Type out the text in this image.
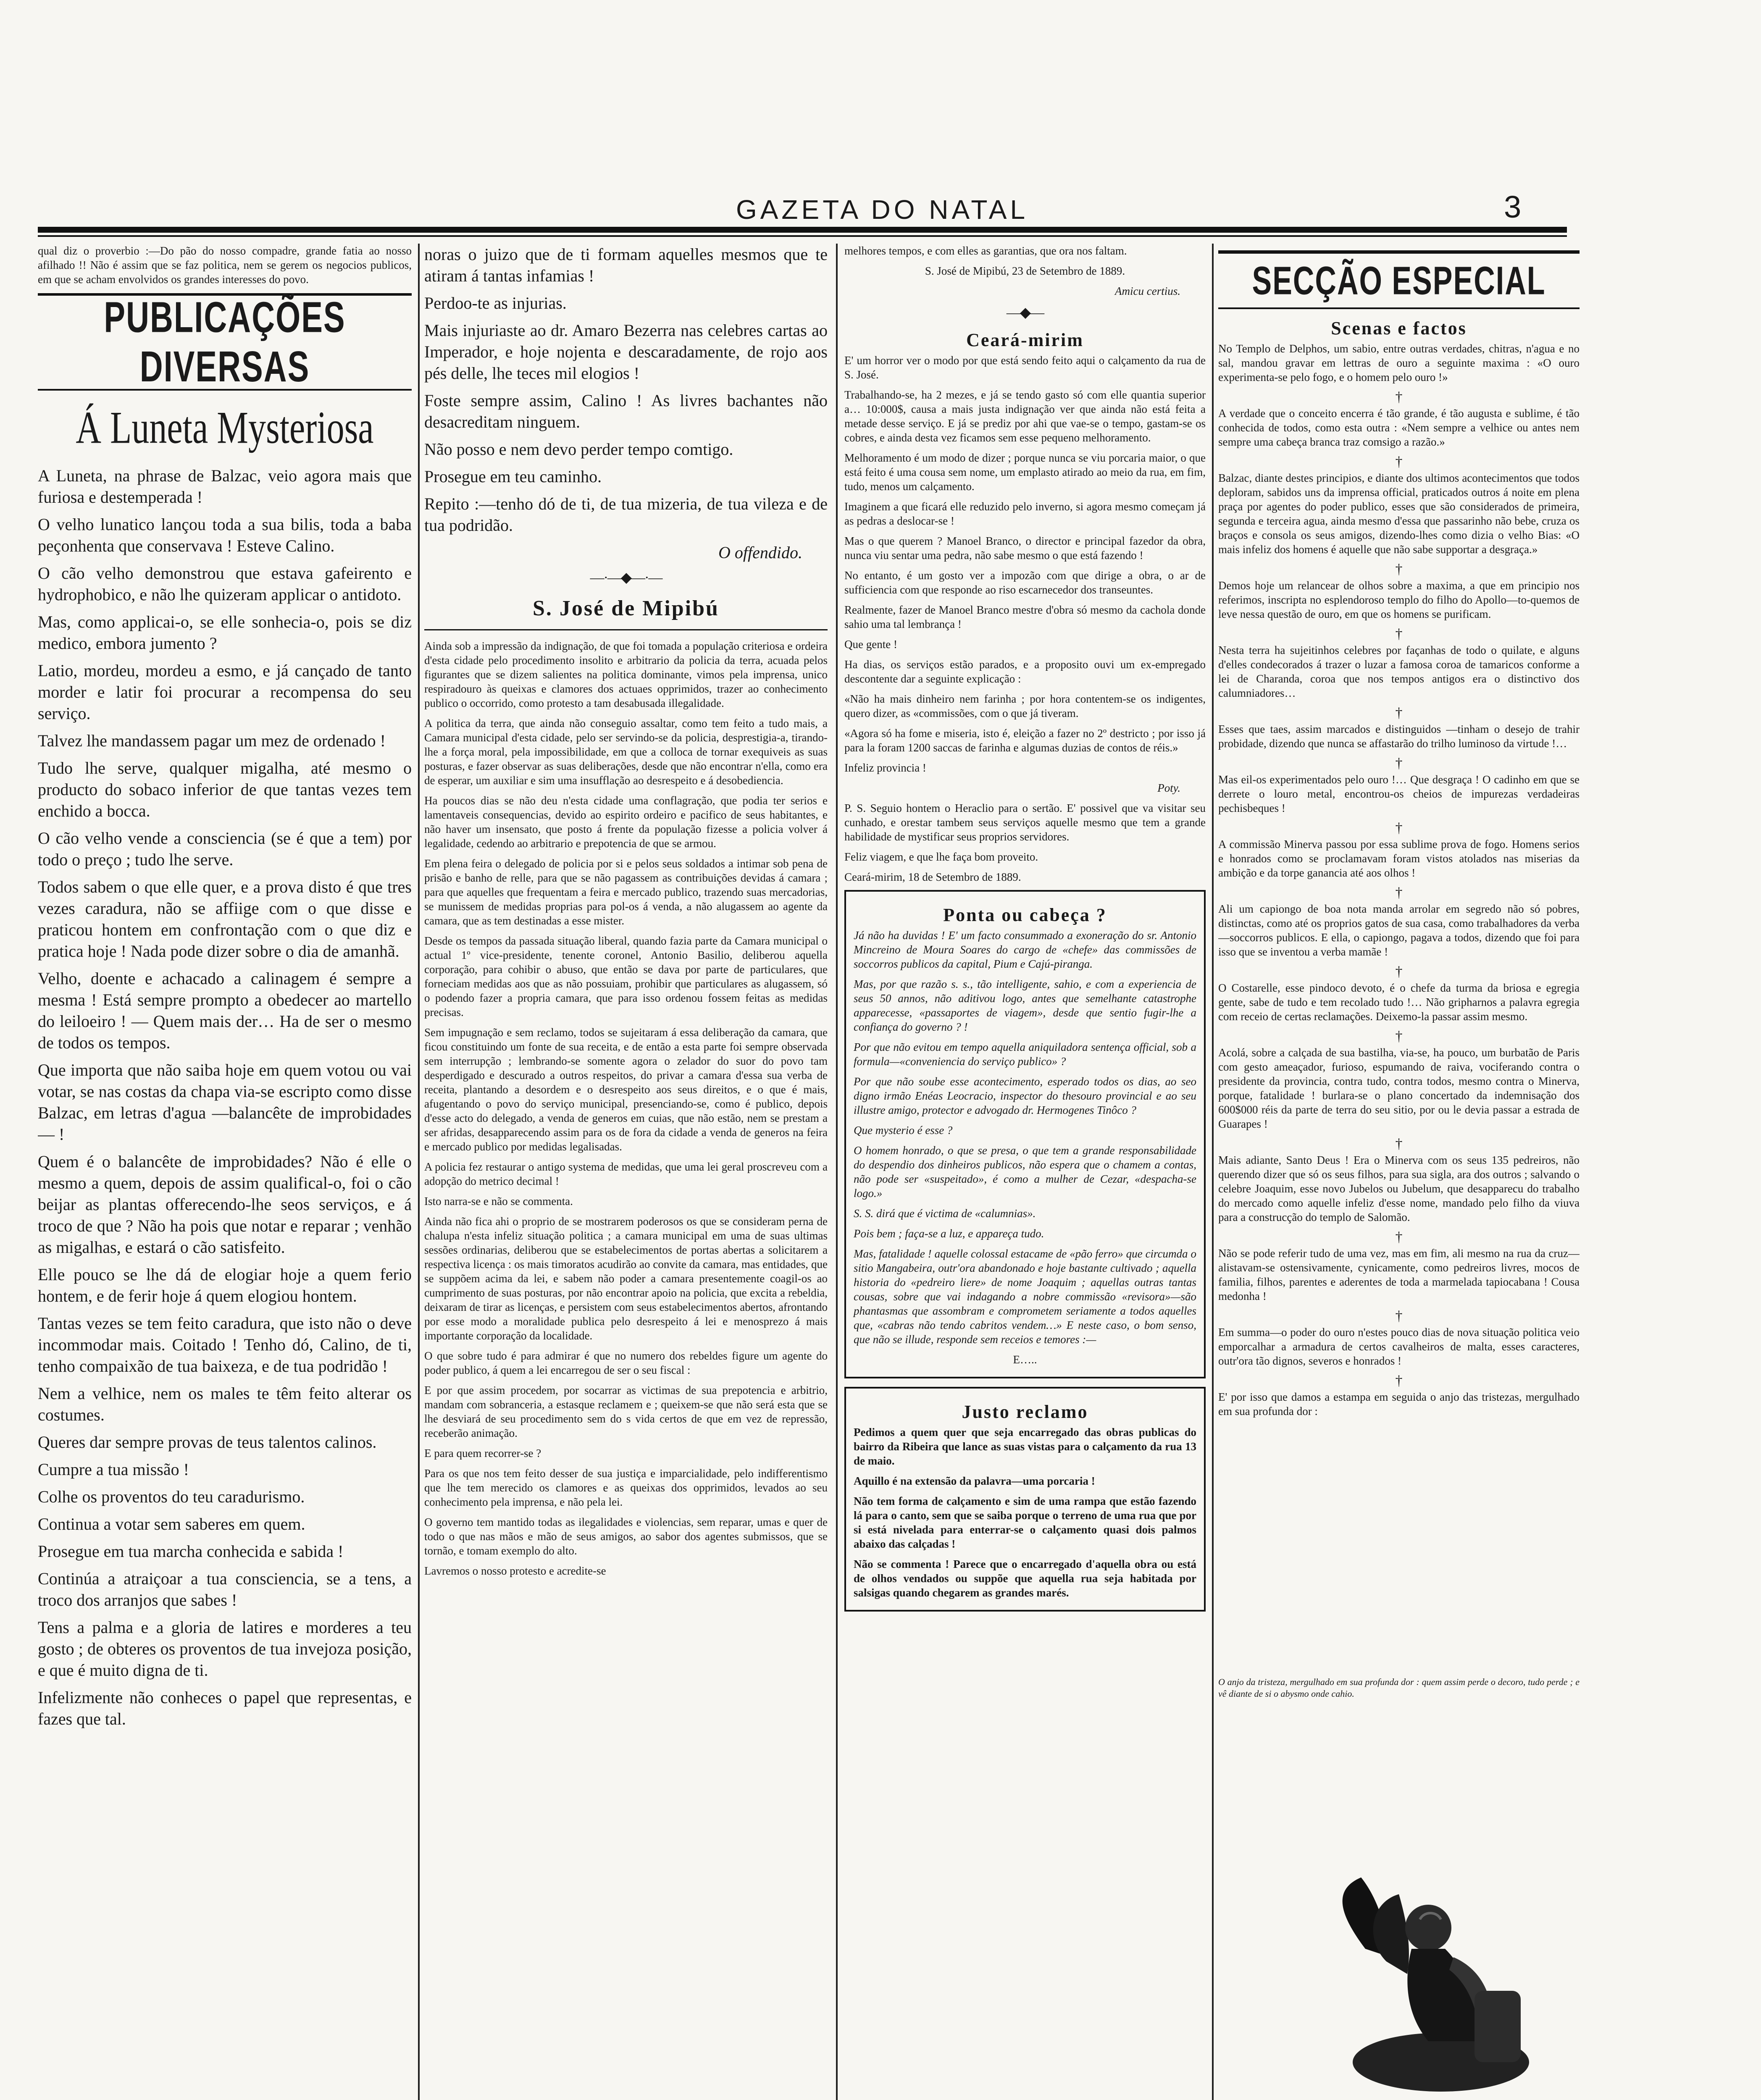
GAZETA DO NATAL	3

qual diz o proverbio :—Do pão do nosso compadre, grande fatia ao nosso afilhado !! Não é assim que se faz politica, nem se gerem os negocios publicos, em que se acham envolvidos os grandes interesses do povo.

PUBLICAÇÕES DIVERSAS
Á Luneta Mysteriosa

A Luneta, na phrase de Balzac, veio agora mais que furiosa e destemperada !

O velho lunatico lançou toda a sua bilis, toda a baba peçonhenta que conservava ! Esteve Calino.

O cão velho demonstrou que estava gafeirento e hydrophobico, e não lhe quizeram applicar o antidoto.

Mas, como applicai-o, se elle sonhecia-o, pois se diz medico, embora jumento ?

Latio, mordeu, mordeu a esmo, e já cançado de tanto morder e latir foi procurar a recompensa do seu serviço.

Talvez lhe mandassem pagar um mez de ordenado !

Tudo lhe serve, qualquer migalha, até mesmo o producto do sobaco inferior de que tantas vezes tem enchido a bocca.

O cão velho vende a consciencia (se é que a tem) por todo o preço ; tudo lhe serve.

Todos sabem o que elle quer, e a prova disto é que tres vezes caradura, não se affiige com o que disse e praticou hontem em confrontação com o que diz e pratica hoje ! Nada pode dizer sobre o dia de amanhã.

Velho, doente e achacado a calinagem é sempre a mesma ! Está sempre prompto a obedecer ao martello do leiloeiro ! — Quem mais der… Ha de ser o mesmo de todos os tempos.

Que importa que não saiba hoje em quem votou ou vai votar, se nas costas da chapa via-se escripto como disse Balzac, em letras d'agua —balancête de improbidades— !

Quem é o balancête de improbidades? Não é elle o mesmo a quem, depois de assim qualifical-o, foi o cão beijar as plantas offerecendo-lhe seos serviços, e á troco de que ? Não ha pois que notar e reparar ; venhão as migalhas, e estará o cão satisfeito.

Elle pouco se lhe dá de elogiar hoje a quem ferio hontem, e de ferir hoje á quem elogiou hontem.

Tantas vezes se tem feito caradura, que isto não o deve incommodar mais. Coitado ! Tenho dó, Calino, de ti, tenho compaixão de tua baixeza, e de tua podridão !

Nem a velhice, nem os males te têm feito alterar os costumes.

Queres dar sempre provas de teus talentos calinos.

Cumpre a tua missão !

Colhe os proventos do teu caradurismo.

Continua a votar sem saberes em quem.

Prosegue em tua marcha conhecida e sabida !

Continúa a atraiçoar a tua consciencia, se a tens, a troco dos arranjos que sabes !

Tens a palma e a gloria de latires e morderes a teu gosto ; de obteres os proventos de tua invejoza posição, e que é muito digna de ti.

Infelizmente não conheces o papel que representas, e fazes que tal.

noras o juizo que de ti formam aquelles mesmos que te atiram á tantas infamias !

Perdoo-te as injurias.

Mais injuriaste ao dr. Amaro Bezerra nas celebres cartas ao Imperador, e hoje nojenta e descaradamente, de rojo aos pés delle, lhe teces mil elogios !

Foste sempre assim, Calino ! As livres bachantes não desacreditam ninguem.

Não posso e nem devo perder tempo comtigo.

Prosegue em teu caminho.

Repito :—tenho dó de ti, de tua mizeria, de tua vileza e de tua podridão.

O offendido.

—·—◆—·—
S. José de Mipibú

Ainda sob a impressão da indignação, de que foi tomada a população criteriosa e ordeira d'esta cidade pelo procedimento insolito e arbitrario da policia da terra, acuada pelos figurantes que se dizem salientes na politica dominante, vimos pela imprensa, unico respiradouro às queixas e clamores dos actuaes opprimidos, trazer ao conhecimento publico o occorrido, como protesto a tam desabusada illegalidade.

A politica da terra, que ainda não conseguio assaltar, como tem feito a tudo mais, a Camara municipal d'esta cidade, pelo ser servindo-se da policia, desprestigia-a, tirando-lhe a força moral, pela impossibilidade, em que a colloca de tornar exequiveis as suas posturas, e fazer observar as suas deliberações, desde que não encontrar n'ella, como era de esperar, um auxiliar e sim uma insufflação ao desrespeito e á desobediencia.

Ha poucos dias se não deu n'esta cidade uma conflagração, que podia ter serios e lamentaveis consequencias, devido ao espirito ordeiro e pacifico de seus habitantes, e não haver um insensato, que posto á frente da população fizesse a policia volver á legalidade, cedendo ao arbitrario e prepotencia de que se armou.

Em plena feira o delegado de policia por si e pelos seus soldados a intimar sob pena de prisão e banho de relle, para que se não pagassem as contribuições devidas á camara ; para que aquelles que frequentam a feira e mercado publico, trazendo suas mercadorias, se munissem de medidas proprias para pol-os á venda, a não alugassem ao agente da camara, que as tem destinadas a esse mister.

Desde os tempos da passada situação liberal, quando fazia parte da Camara municipal o actual 1º vice-presidente, tenente coronel, Antonio Basilio, deliberou aquella corporação, para cohibir o abuso, que então se dava por parte de particulares, que forneciam medidas aos que as não possuiam, prohibir que particulares as alugassem, só o podendo fazer a propria camara, que para isso ordenou fossem feitas as medidas precisas.

Sem impugnação e sem reclamo, todos se sujeitaram á essa deliberação da camara, que ficou constituindo um fonte de sua receita, e de então a esta parte foi sempre observada sem interrupção ; lembrando-se somente agora o zelador do suor do povo tam desperdigado e descurado a outros respeitos, do privar a camara d'essa sua verba de receita, plantando a desordem e o desrespeito aos seus direitos, e o que é mais, afugentando o povo do serviço municipal, presenciando-se, como é publico, depois d'esse acto do delegado, a venda de generos em cuias, que não estão, nem se prestam a ser afridas, desapparecendo assim para os de fora da cidade a venda de generos na feira e mercado publico por medidas legalisadas.

A policia fez restaurar o antigo systema de medidas, que uma lei geral proscreveu com a adopção do metrico decimal !

Isto narra-se e não se commenta.

Ainda não fica ahi o proprio de se mostrarem poderosos os que se consideram perna de chalupa n'esta infeliz situação politica ; a camara municipal em uma de suas ultimas sessões ordinarias, deliberou que se estabelecimentos de portas abertas a solicitarem a respectiva licença : os mais timoratos acudirão ao convite da camara, mas entidades, que se suppõem acima da lei, e sabem não poder a camara presentemente coagil-os ao cumprimento de suas posturas, por não encontrar apoio na policia, que excita a rebeldia, deixaram de tirar as licenças, e persistem com seus estabelecimentos abertos, afrontando por esse modo a moralidade publica pelo desrespeito á lei e menosprezo á mais importante corporação da localidade.

O que sobre tudo é para admirar é que no numero dos rebeldes figure um agente do poder publico, á quem a lei encarregou de ser o seu fiscal :

E por que assim procedem, por socarrar as victimas de sua prepotencia e arbitrio, mandam com sobranceria, a estasque reclamem e ; queixem-se que não será esta que se lhe desviará de seu procedimento sem do s vida certos de que em vez de repressão, receberão animação.

E para quem recorrer-se ?

Para os que nos tem feito desser de sua justiça e imparcialidade, pelo indifferentismo que lhe tem merecido os clamores e as queixas dos opprimidos, levados ao seu conhecimento pela imprensa, e não pela lei.

O governo tem mantido todas as ilegalidades e violencias, sem reparar, umas e quer de todo o que nas mãos e mão de seus amigos, ao sabor dos agentes submissos, que se tornão, e tomam exemplo do alto.

Lavremos o nosso protesto e acredite-se

melhores tempos, e com elles as garantias, que ora nos faltam.

S. José de Mipibú, 23 de Setembro de 1889.

Amicu certius.

—◆—
Ceará-mirim

E' um horror ver o modo por que está sendo feito aqui o calçamento da rua de S. José.

Trabalhando-se, ha 2 mezes, e já se tendo gasto só com elle quantia superior a… 10:000$, causa a mais justa indignação ver que ainda não está feita a metade desse serviço. E já se prediz por ahi que vae-se o tempo, gastam-se os cobres, e ainda desta vez ficamos sem esse pequeno melhoramento.

Melhoramento é um modo de dizer ; porque nunca se viu porcaria maior, o que está feito é uma cousa sem nome, um emplasto atirado ao meio da rua, em fim, tudo, menos um calçamento.

Imaginem a que ficará elle reduzido pelo inverno, si agora mesmo começam já as pedras a deslocar-se !

Mas o que querem ? Manoel Branco, o director e principal fazedor da obra, nunca viu sentar uma pedra, não sabe mesmo o que está fazendo !

No entanto, é um gosto ver a impozão com que dirige a obra, o ar de sufficiencia com que responde ao riso escarnecedor dos transeuntes.

Realmente, fazer de Manoel Branco mestre d'obra só mesmo da cachola donde sahio uma tal lembrança !

Que gente !

Ha dias, os serviços estão parados, e a proposito ouvi um ex-empregado descontente dar a seguinte explicação :

«Não ha mais dinheiro nem farinha ; por hora contentem-se os indigentes, quero dizer, as «commissões, com o que já tiveram.

«Agora só ha fome e miseria, isto é, eleição a fazer no 2º destricto ; por isso já para la foram 1200 saccas de farinha e algumas duzias de contos de réis.»

Infeliz provincia !

Poty.

P. S. Seguio hontem o Heraclio para o sertão. E' possivel que va visitar seu cunhado, e orestar tambem seus serviços aquelle mesmo que tem a grande habilidade de mystificar seus proprios servidores.

Feliz viagem, e que lhe faça bom proveito.

Ceará-mirim, 18 de Setembro de 1889.

Ponta ou cabeça ?

Já não ha duvidas ! E' um facto consummado a exoneração do sr. Antonio Mincreino de Moura Soares do cargo de «chefe» das commissões de soccorros publicos da capital, Pium e Cajú-piranga.

Mas, por que razão s. s., tão intelligente, sahio, e com a experiencia de seus 50 annos, não aditivou logo, antes que semelhante catastrophe apparecesse, «passaportes de viagem», desde que sentio fugir-lhe a confiança do governo ? !

Por que não evitou em tempo aquella aniquiladora sentença official, sob a formula—«conveniencia do serviço publico» ?

Por que não soube esse acontecimento, esperado todos os dias, ao seo digno irmão Enéas Leocracio, inspector do thesouro provincial e ao seu illustre amigo, protector e advogado dr. Hermogenes Tinôco ?

Que mysterio é esse ?

O homem honrado, o que se presa, o que tem a grande responsabilidade do despendio dos dinheiros publicos, não espera que o chamem a contas, não pode ser «suspeitado», é como a mulher de Cezar, «despacha-se logo.»

S. S. dirá que é victima de «calumnias».

Pois bem ; faça-se a luz, e appareça tudo.

Mas, fatalidade ! aquelle colossal estacame de «pão ferro» que circumda o sitio Mangabeira, outr'ora abandonado e hoje bastante cultivado ; aquella historia do «pedreiro liere» de nome Joaquim ; aquellas outras tantas cousas, sobre que vai indagando a nobre commissão «revisora»—são phantasmas que assombram e comprometem seriamente a todos aquelles que, «cabras não tendo cabritos vendem…» E neste caso, o bom senso, que não se illude, responde sem receios e temores :—

E…..

Justo reclamo

Pedimos a quem quer que seja encarregado das obras publicas do bairro da Ribeira que lance as suas vistas para o calçamento da rua 13 de maio.

Aquillo é na extensão da palavra—uma porcaria !

Não tem forma de calçamento e sim de uma rampa que estão fazendo lá para o canto, sem que se saiba porque o terreno de uma rua que por si está nivelada para enterrar-se o calçamento quasi dois palmos abaixo das calçadas !

Não se commenta ! Parece que o encarregado d'aquella obra ou está de olhos vendados ou suppõe que aquella rua seja habitada por salsigas quando chegarem as grandes marés.

SECÇÃO ESPECIAL
Scenas e factos

No Templo de Delphos, um sabio, entre outras verdades, chitras, n'agua e no sal, mandou gravar em lettras de ouro a seguinte maxima : «O ouro experimenta-se pelo fogo, e o homem pelo ouro !»

†

A verdade que o conceito encerra é tão grande, é tão augusta e sublime, é tão conhecida de todos, como esta outra : «Nem sempre a velhice ou antes nem sempre uma cabeça branca traz comsigo a razão.»

†

Balzac, diante destes principios, e diante dos ultimos acontecimentos que todos deploram, sabidos uns da imprensa official, praticados outros á noite em plena praça por agentes do poder publico, esses que são considerados de primeira, segunda e terceira agua, ainda mesmo d'essa que passarinho não bebe, cruza os braços e consola os seus amigos, dizendo-lhes como dizia o velho Bias: «O mais infeliz dos homens é aquelle que não sabe supportar a desgraça.»

†

Demos hoje um relancear de olhos sobre a maxima, a que em principio nos referimos, inscripta no esplendoroso templo do filho do Apollo—to-quemos de leve nessa questão de ouro, em que os homens se purificam.

†

Nesta terra ha sujeitinhos celebres por façanhas de todo o quilate, e alguns d'elles condecorados á trazer o luzar a famosa coroa de tamaricos conforme a lei de Charanda, coroa que nos tempos antigos era o distinctivo dos calumniadores…

†

Esses que taes, assim marcados e distinguidos —tinham o desejo de trahir probidade, dizendo que nunca se affastarão do trilho luminoso da virtude !…

†

Mas eil-os experimentados pelo ouro !… Que desgraça ! O cadinho em que se derrete o louro metal, encontrou-os cheios de impurezas verdadeiras pechisbeques !

†

A commissão Minerva passou por essa sublime prova de fogo. Homens serios e honrados como se proclamavam foram vistos atolados nas miserias da ambição e da torpe ganancia até aos olhos !

†

Ali um capiongo de boa nota manda arrolar em segredo não só pobres, distinctas, como até os proprios gatos de sua casa, como trabalhadores da verba—soccorros publicos. E ella, o capiongo, pagava a todos, dizendo que foi para isso que se inventou a verba mamãe !

†

O Costarelle, esse pindoco devoto, é o chefe da turma da briosa e egregia gente, sabe de tudo e tem recolado tudo !… Não gripharnos a palavra egregia com receio de certas reclamações. Deixemo-la passar assim mesmo.

†

Acolá, sobre a calçada de sua bastilha, via-se, ha pouco, um burbatão de Paris com gesto ameaçador, furioso, espumando de raiva, vociferando contra o presidente da provincia, contra tudo, contra todos, mesmo contra o Minerva, porque, fatalidade ! burlara-se o plano concertado da indemnisação dos 600$000 réis da parte de terra do seu sitio, por ou le devia passar a estrada de Guarapes !

†

Mais adiante, Santo Deus ! Era o Minerva com os seus 135 pedreiros, não querendo dizer que só os seus filhos, para sua sigla, ara dos outros ; salvando o celebre Joaquim, esse novo Jubelos ou Jubelum, que desapparecu do trabalho do mercado como aquelle infeliz d'esse nome, mandado pelo filho da viuva para a construcção do templo de Salomão.

†

Não se pode referir tudo de uma vez, mas em fim, ali mesmo na rua da cruz—alistavam-se ostensivamente, cynicamente, como pedreiros livres, mocos de familia, filhos, parentes e aderentes de toda a marmelada tapiocabana ! Cousa medonha !

†

Em summa—o poder do ouro n'estes pouco dias de nova situação politica veio emporcalhar a armadura de certos cavalheiros de malta, esses caracteres, outr'ora tão dignos, severos e honrados !

†

E' por isso que damos a estampa em seguida o anjo das tristezas, mergulhado em sua profunda dor :

O anjo da tristeza, mergulhado em sua profunda dor : quem assim perde o decoro, tudo perde ; e vê diante de si o abysmo onde cahio.
